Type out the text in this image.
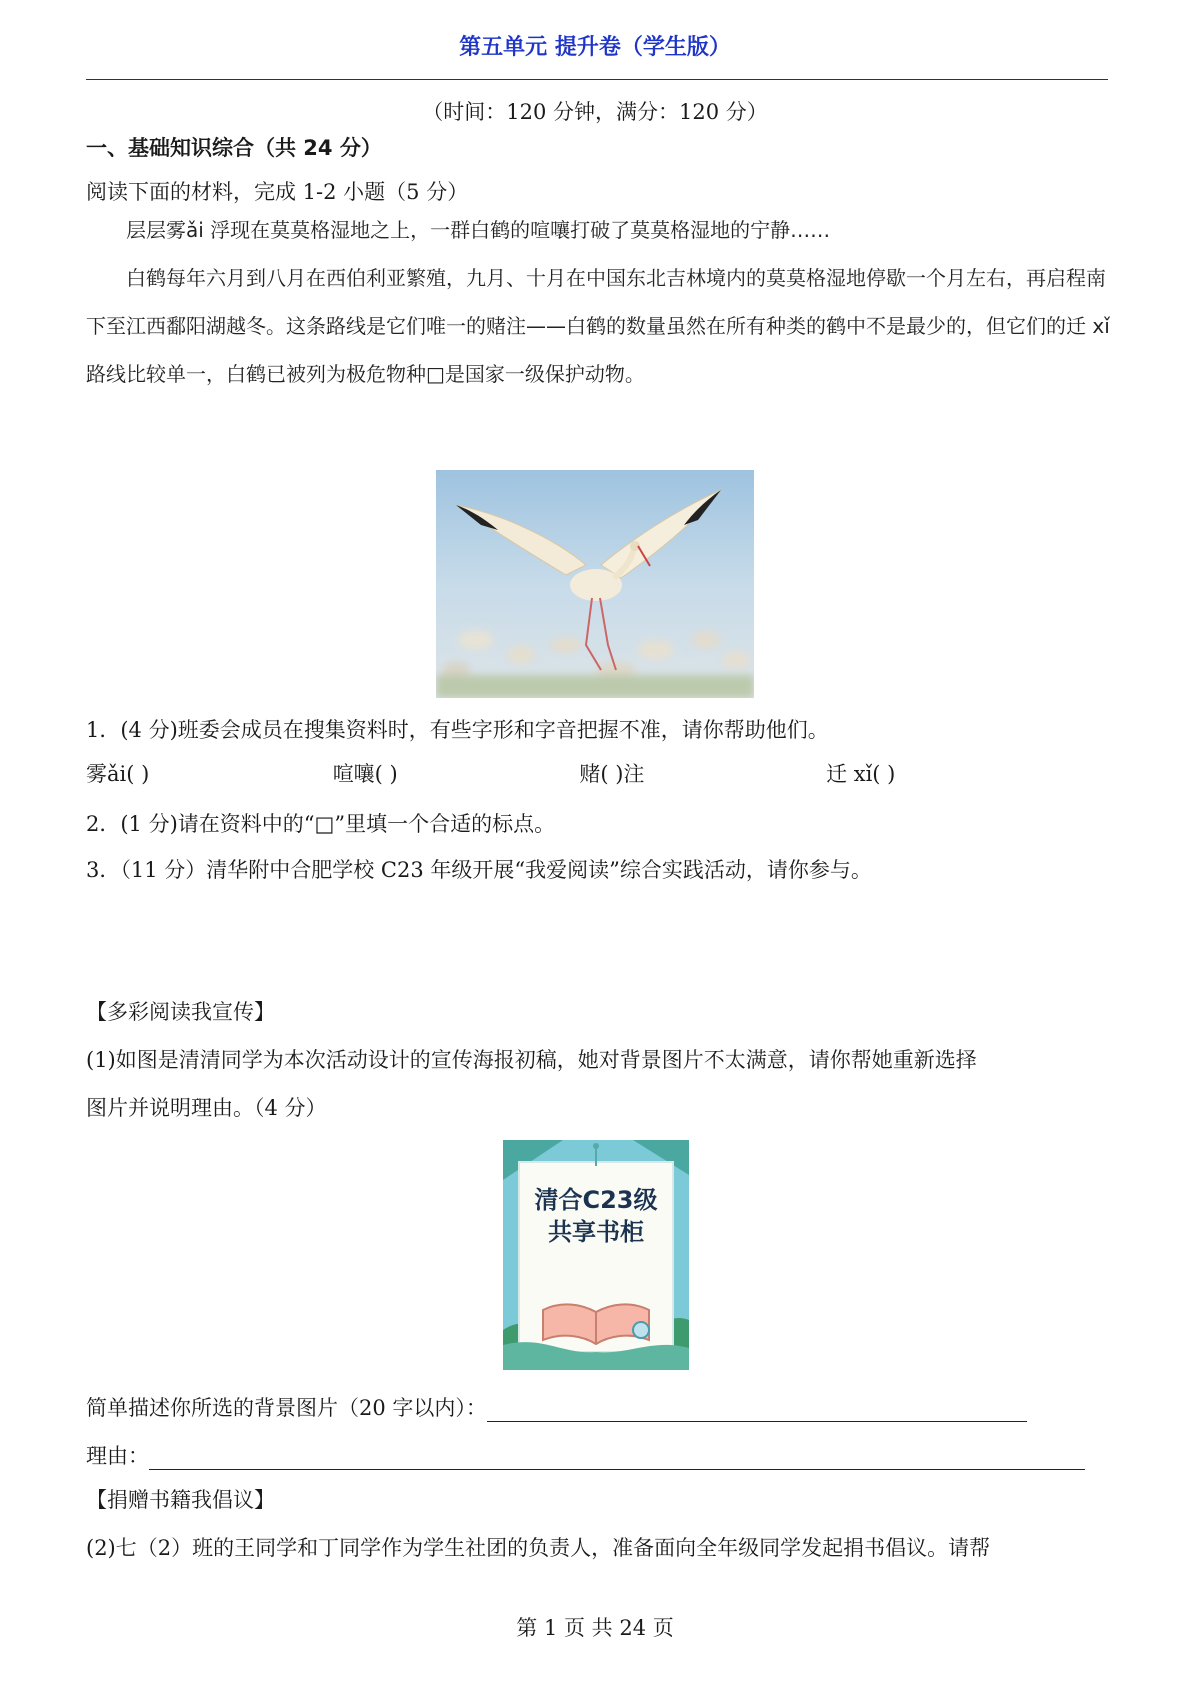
第五单元 提升卷（学生版）
（时间：120 分钟，满分：120 分）
一、基础知识综合（共 24 分）
阅读下面的材料，完成 1-2 小题（5 分）

层层雾ǎi 浮现在莫莫格湿地之上，一群白鹤的喧嚷打破了莫莫格湿地的宁静……

白鹤每年六月到八月在西伯利亚繁殖，九月、十月在中国东北吉林境内的莫莫格湿地停歇一个月左右，再启程南下至江西鄱阳湖越冬。这条路线是它们唯一的赌注——白鹤的数量虽然在所有种类的鹤中不是最少的，但它们的迁 xǐ路线比较单一，白鹤已被列为极危物种□是国家一级保护动物。

1．(4 分)班委会成员在搜集资料时，有些字形和字音把握不准，请你帮助他们。
雾ǎi( )	喧嚷( )	赌( )注	迁 xǐ( )
2．(1 分)请在资料中的“□”里填一个合适的标点。
3．（11 分）清华附中合肥学校 C23 年级开展“我爱阅读”综合实践活动，请你参与。
【多彩阅读我宣传】
(1)如图是清清同学为本次活动设计的宣传海报初稿，她对背景图片不太满意，请你帮她重新选择
图片并说明理由。（4 分）
清合C23级
共享书柜
简单描述你所选的背景图片（20 字以内）：
理由：
【捐赠书籍我倡议】
(2)七（2）班的王同学和丁同学作为学生社团的负责人，准备面向全年级同学发起捐书倡议。请帮
第 1 页 共 24 页
